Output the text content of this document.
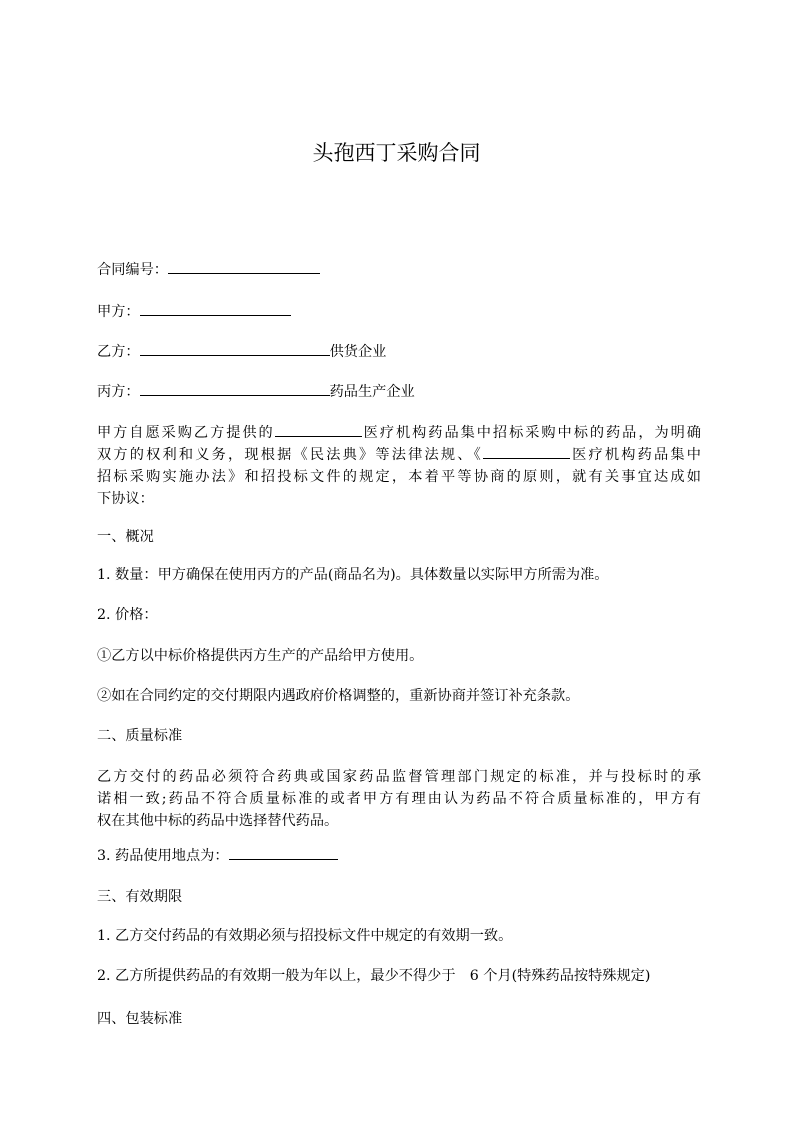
头孢西丁采购合同
合同编号：
甲方：
乙方：	供货企业
丙方：	药品生产企业
甲方自愿采购乙方提供的	医疗机构药品集中招标采购中标的药品，为明确
双方的权利和义务，现根据《民法典》等法律法规、《	医疗机构药品集中
招标采购实施办法》和招投标文件的规定，本着平等协商的原则，就有关事宜达成如
下协议：
一、概况
1. 数量：甲方确保在使用丙方的产品(商品名为)。具体数量以实际甲方所需为准。
2. 价格：
①乙方以中标价格提供丙方生产的产品给甲方使用。
②如在合同约定的交付期限内遇政府价格调整的，重新协商并签订补充条款。
二、质量标准
乙方交付的药品必须符合药典或国家药品监督管理部门规定的标准，并与投标时的承
诺相一致;药品不符合质量标准的或者甲方有理由认为药品不符合质量标准的，甲方有
权在其他中标的药品中选择替代药品。
3. 药品使用地点为：
三、有效期限
1. 乙方交付药品的有效期必须与招投标文件中规定的有效期一致。
2. 乙方所提供药品的有效期一般为年以上，最少不得少于　6 个月(特殊药品按特殊规定)
四、包装标准
